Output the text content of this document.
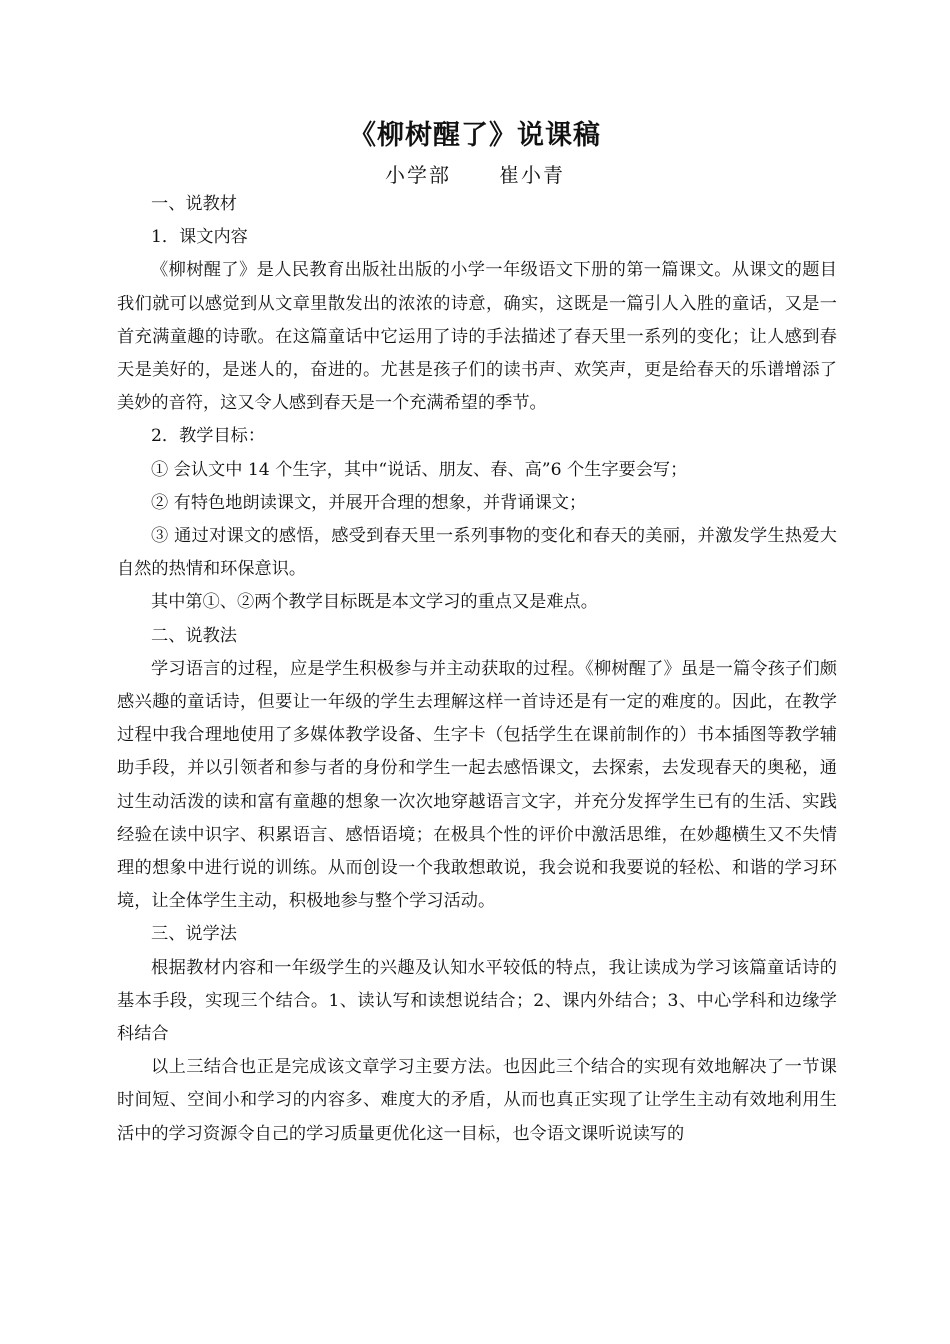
《柳树醒了》说课稿
小学部 崔小青

一、说教材

1．课文内容

《柳树醒了》是人民教育出版社出版的小学一年级语文下册的第一篇课文。从课文的题目我们就可以感觉到从文章里散发出的浓浓的诗意，确实，这既是一篇引人入胜的童话，又是一首充满童趣的诗歌。在这篇童话中它运用了诗的手法描述了春天里一系列的变化；让人感到春天是美好的，是迷人的，奋进的。尤甚是孩子们的读书声、欢笑声，更是给春天的乐谱增添了美妙的音符，这又令人感到春天是一个充满希望的季节。

2．教学目标：

① 会认文中 14 个生字，其中“说话、朋友、春、高”6 个生字要会写；

② 有特色地朗读课文，并展开合理的想象，并背诵课文；

③ 通过对课文的感悟，感受到春天里一系列事物的变化和春天的美丽，并激发学生热爱大自然的热情和环保意识。

其中第①、②两个教学目标既是本文学习的重点又是难点。

二、说教法

学习语言的过程，应是学生积极参与并主动获取的过程。《柳树醒了》虽是一篇令孩子们颇感兴趣的童话诗，但要让一年级的学生去理解这样一首诗还是有一定的难度的。因此，在教学过程中我合理地使用了多媒体教学设备、生字卡（包括学生在课前制作的）书本插图等教学辅助手段，并以引领者和参与者的身份和学生一起去感悟课文，去探索，去发现春天的奥秘，通过生动活泼的读和富有童趣的想象一次次地穿越语言文字，并充分发挥学生已有的生活、实践经验在读中识字、积累语言、感悟语境；在极具个性的评价中激活思维，在妙趣横生又不失情理的想象中进行说的训练。从而创设一个我敢想敢说，我会说和我要说的轻松、和谐的学习环境，让全体学生主动，积极地参与整个学习活动。

三、说学法

根据教材内容和一年级学生的兴趣及认知水平较低的特点，我让读成为学习该篇童话诗的基本手段，实现三个结合。1、读认写和读想说结合；2、课内外结合；3、中心学科和边缘学科结合

以上三结合也正是完成该文章学习主要方法。也因此三个结合的实现有效地解决了一节课时间短、空间小和学习的内容多、难度大的矛盾，从而也真正实现了让学生主动有效地利用生活中的学习资源令自己的学习质量更优化这一目标，也令语文课听说读写的
